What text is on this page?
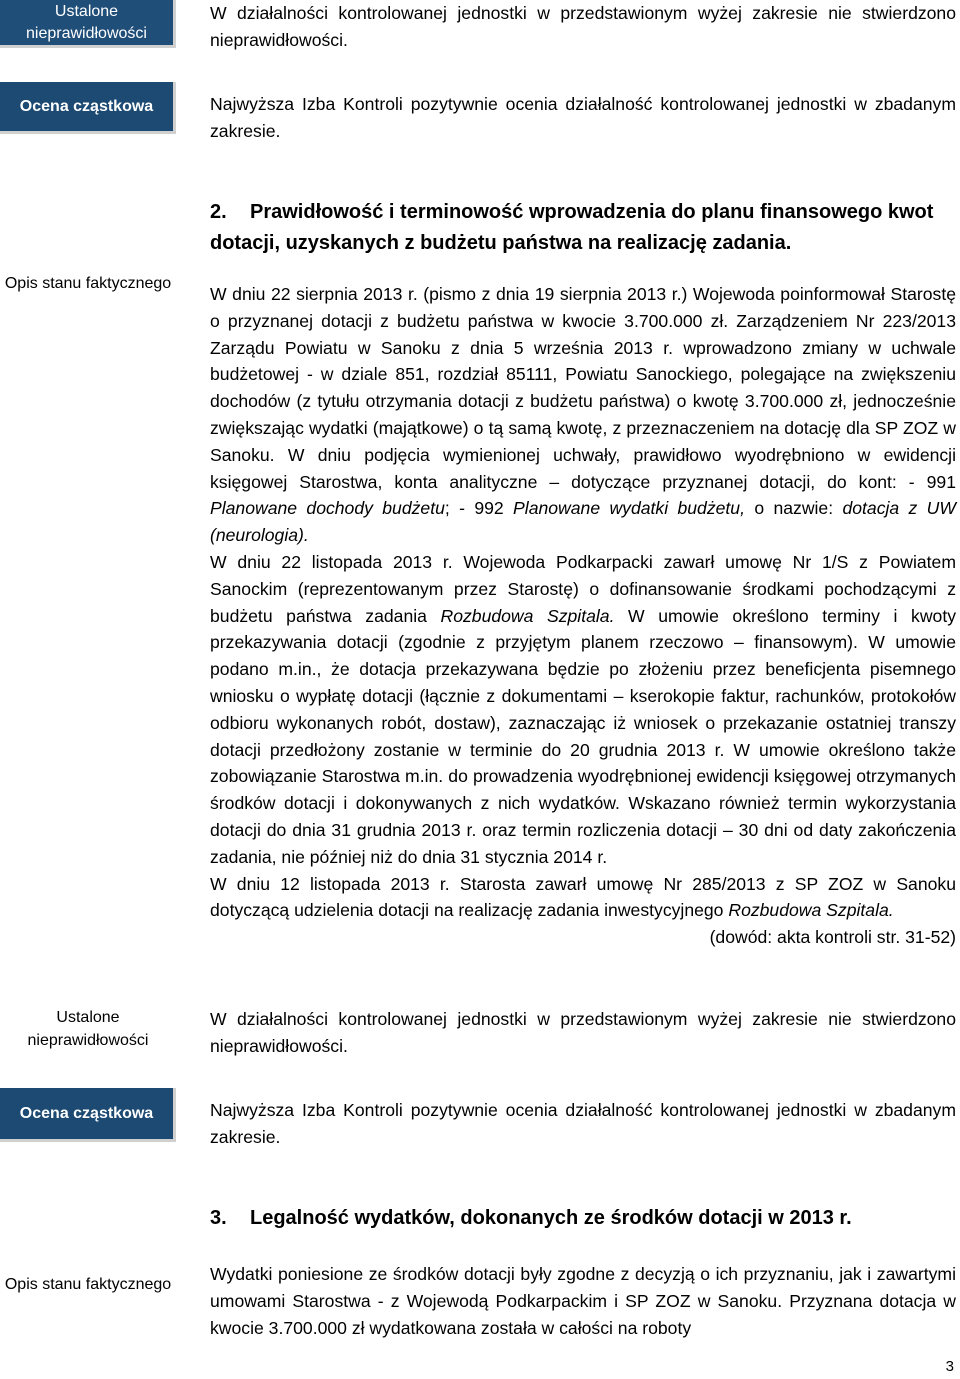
Ustalone nieprawidłowości
W działalności kontrolowanej jednostki w przedstawionym wyżej zakresie nie stwierdzono nieprawidłowości.
Ocena cząstkowa	Najwyższa Izba Kontroli pozytywnie ocenia działalność kontrolowanej jednostki w zbadanym zakresie.
2. Prawidłowość i terminowość wprowadzenia do planu finansowego kwot dotacji, uzyskanych z budżetu państwa na realizację zadania.
Opis stanu faktycznego
W dniu 22 sierpnia 2013 r. (pismo z dnia 19 sierpnia 2013 r.) Wojewoda poinformował Starostę o przyznanej dotacji z budżetu państwa w kwocie 3.700.000 zł. Zarządzeniem Nr 223/2013 Zarządu Powiatu w Sanoku z dnia 5 września 2013 r. wprowadzono zmiany w uchwale budżetowej - w dziale 851, rozdział 85111, Powiatu Sanockiego, polegające na zwiększeniu dochodów (z tytułu otrzymania dotacji z budżetu państwa) o kwotę 3.700.000 zł, jednocześnie zwiększając wydatki (majątkowe) o tą samą kwotę, z przeznaczeniem na dotację dla SP ZOZ w Sanoku. W dniu podjęcia wymienionej uchwały, prawidłowo wyodrębniono w ewidencji księgowej Starostwa, konta analityczne – dotyczące przyznanej dotacji, do kont: - 991 Planowane dochody budżetu; - 992 Planowane wydatki budżetu, o nazwie: dotacja z UW (neurologia).
W dniu 22 listopada 2013 r. Wojewoda Podkarpacki zawarł umowę Nr 1/S z Powiatem Sanockim (reprezentowanym przez Starostę) o dofinansowanie środkami pochodzącymi z budżetu państwa zadania Rozbudowa Szpitala. W umowie określono terminy i kwoty przekazywania dotacji (zgodnie z przyjętym planem rzeczowo – finansowym). W umowie podano m.in., że dotacja przekazywana będzie po złożeniu przez beneficjenta pisemnego wniosku o wypłatę dotacji (łącznie z dokumentami – kserokopie faktur, rachunków, protokołów odbioru wykonanych robót, dostaw), zaznaczając iż wniosek o przekazanie ostatniej transzy dotacji przedłożony zostanie w terminie do 20 grudnia 2013 r. W umowie określono także zobowiązanie Starostwa m.in. do prowadzenia wyodrębnionej ewidencji księgowej otrzymanych środków dotacji i dokonywanych z nich wydatków. Wskazano również termin wykorzystania dotacji do dnia 31 grudnia 2013 r. oraz termin rozliczenia dotacji – 30 dni od daty zakończenia zadania, nie później niż do dnia 31 stycznia 2014 r.
W dniu 12 listopada 2013 r. Starosta zawarł umowę Nr 285/2013 z SP ZOZ w Sanoku dotyczącą udzielenia dotacji na realizację zadania inwestycyjnego Rozbudowa Szpitala.

(dowód: akta kontroli str. 31-52)
Ustalone nieprawidłowości
W działalności kontrolowanej jednostki w przedstawionym wyżej zakresie nie stwierdzono nieprawidłowości.
Ocena cząstkowa	Najwyższa Izba Kontroli pozytywnie ocenia działalność kontrolowanej jednostki w zbadanym zakresie.
3. Legalność wydatków, dokonanych ze środków dotacji w 2013 r.
Opis stanu faktycznego
Wydatki poniesione ze środków dotacji były zgodne z decyzją o ich przyznaniu, jak i zawartymi umowami Starostwa - z Wojewodą Podkarpackim i SP ZOZ w Sanoku. Przyznana dotacja w kwocie 3.700.000 zł wydatkowana została w całości na roboty
3
